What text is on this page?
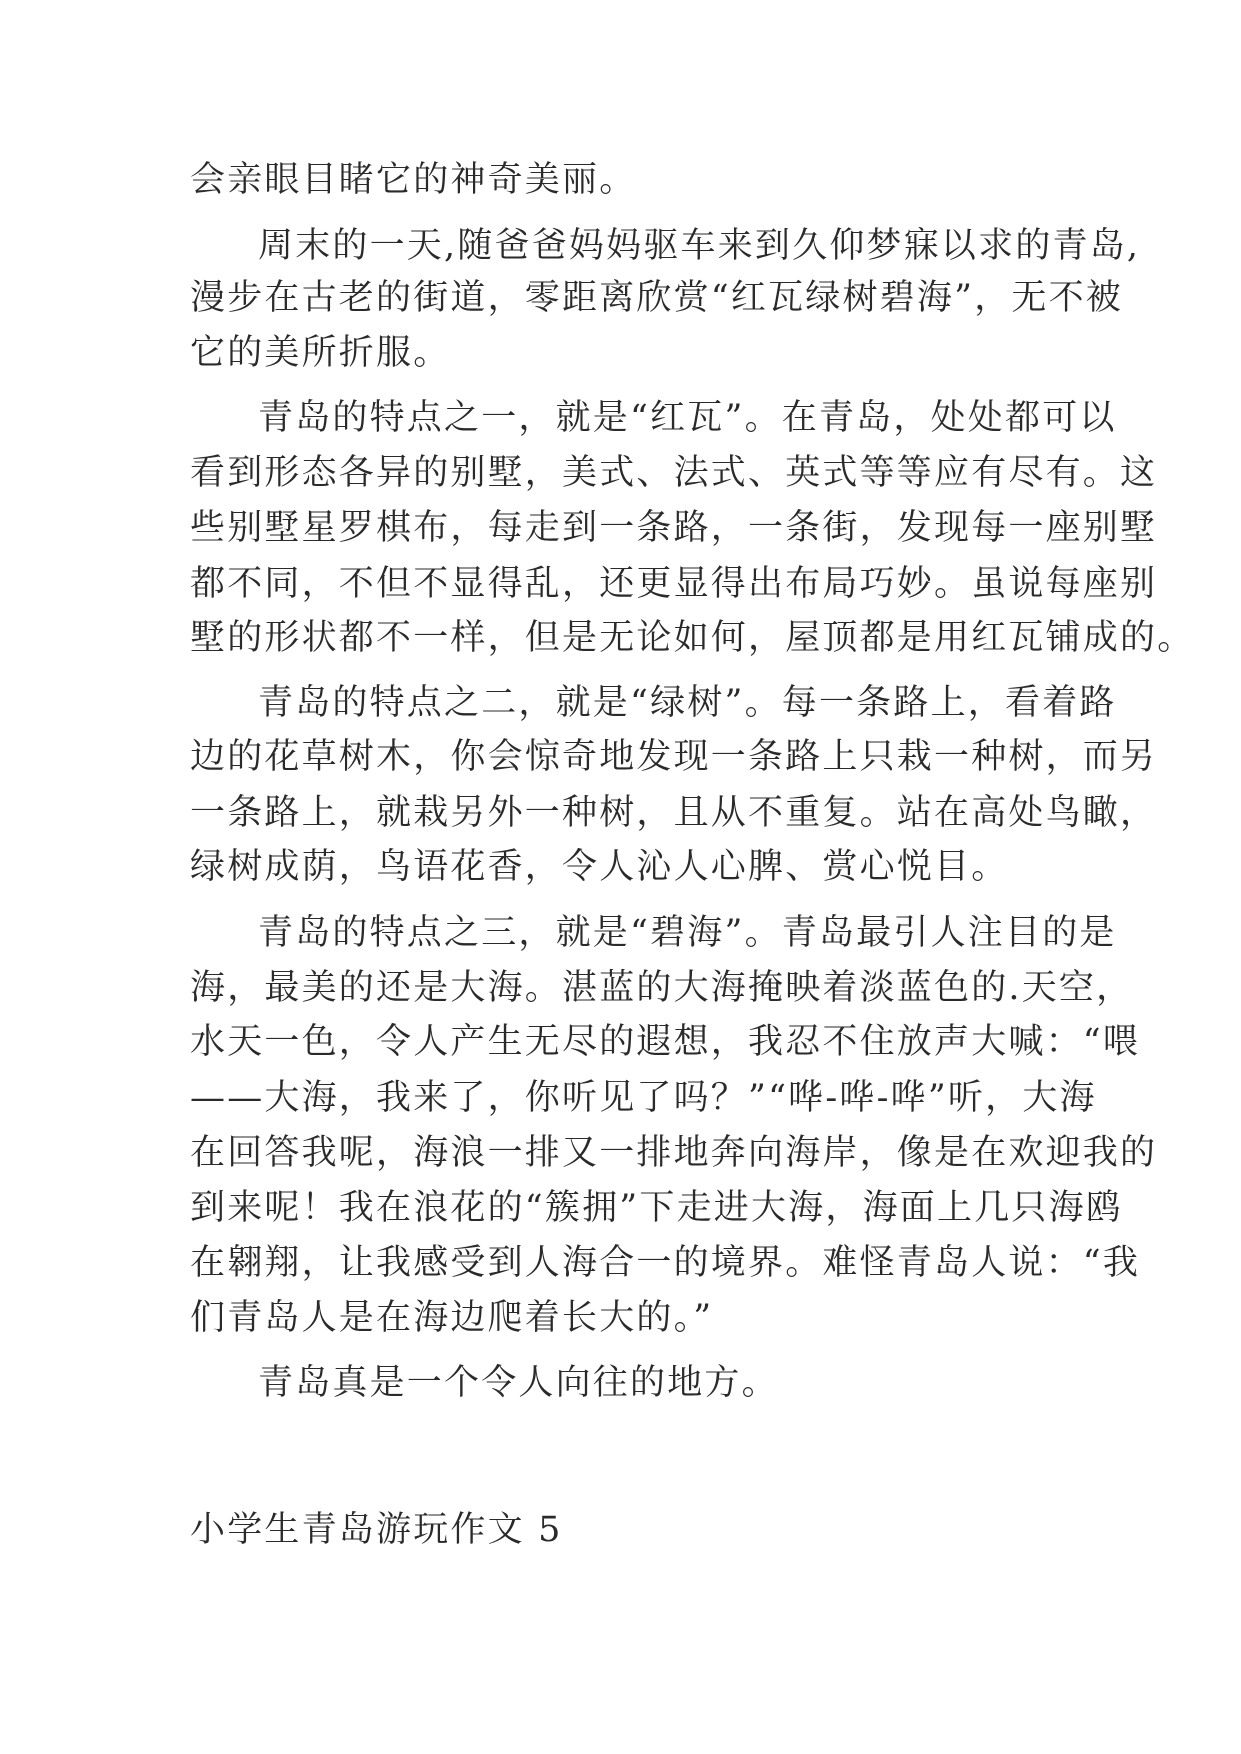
会亲眼目睹它的神奇美丽。
周末的一天,随爸爸妈妈驱车来到久仰梦寐以求的青岛,
漫步在古老的街道，零距离欣赏“红瓦绿树碧海”，无不被
它的美所折服。
青岛的特点之一，就是“红瓦”。在青岛，处处都可以
看到形态各异的别墅，美式、法式、英式等等应有尽有。这
些别墅星罗棋布，每走到一条路，一条街，发现每一座别墅
都不同，不但不显得乱，还更显得出布局巧妙。虽说每座别
墅的形状都不一样，但是无论如何，屋顶都是用红瓦铺成的。
青岛的特点之二，就是“绿树”。每一条路上，看着路
边的花草树木，你会惊奇地发现一条路上只栽一种树，而另
一条路上，就栽另外一种树，且从不重复。站在高处鸟瞰，
绿树成荫，鸟语花香，令人沁人心脾、赏心悦目。
青岛的特点之三，就是“碧海”。青岛最引人注目的是
海，最美的还是大海。湛蓝的大海掩映着淡蓝色的.天空，
水天一色，令人产生无尽的遐想，我忍不住放声大喊：“喂
——大海，我来了，你听见了吗？”“哗-哗-哗”听，大海
在回答我呢，海浪一排又一排地奔向海岸，像是在欢迎我的
到来呢！我在浪花的“簇拥”下走进大海，海面上几只海鸥
在翱翔，让我感受到人海合一的境界。难怪青岛人说：“我
们青岛人是在海边爬着长大的。”
青岛真是一个令人向往的地方。
小学生青岛游玩作文 5
